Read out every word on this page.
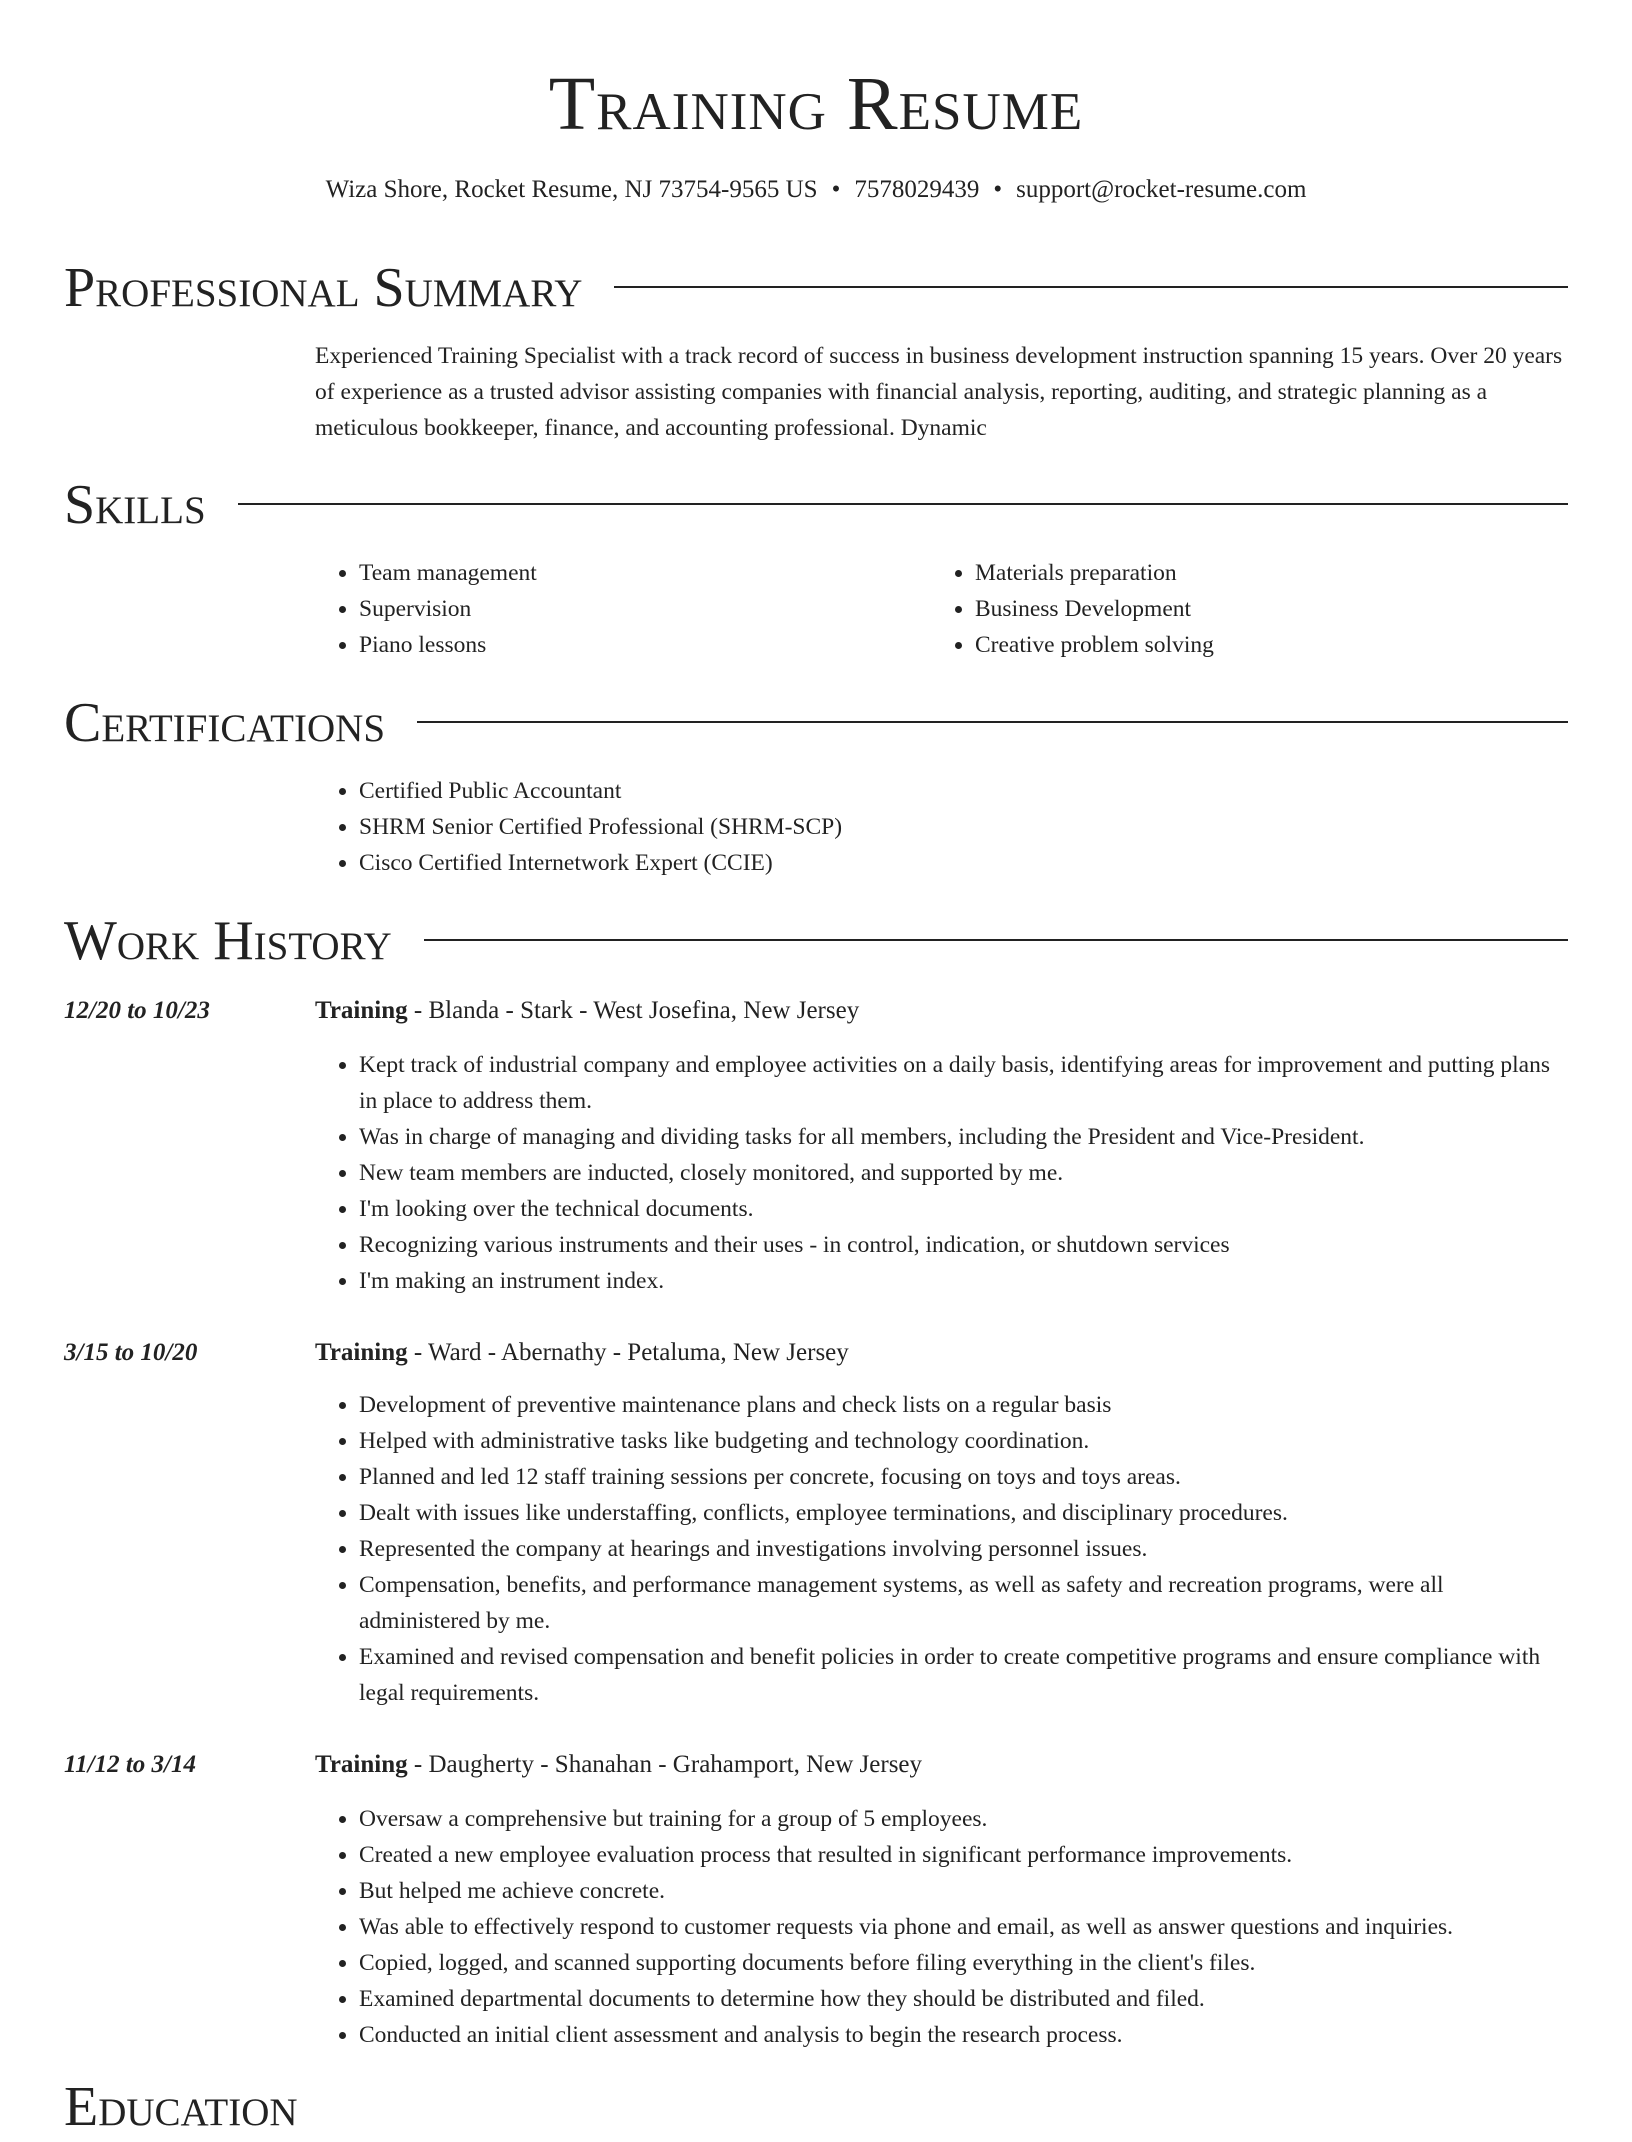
Training Resume
Wiza Shore, Rocket Resume, NJ 73754-9565 US • 7578029439 • support@rocket-resume.com
Professional Summary
Experienced Training Specialist with a track record of success in business development instruction spanning 15 years. Over 20 years of experience as a trusted advisor assisting companies with financial analysis, reporting, auditing, and strategic planning as a meticulous bookkeeper, finance, and accounting professional. Dynamic
Skills
• Team management
• Supervision
• Piano lessons
• Materials preparation
• Business Development
• Creative problem solving
Certifications
• Certified Public Accountant
• SHRM Senior Certified Professional (SHRM-SCP)
• Cisco Certified Internetwork Expert (CCIE)
Work History
12/20 to 10/23	Training - Blanda - Stark - West Josefina, New Jersey
• Kept track of industrial company and employee activities on a daily basis, identifying areas for improvement and putting plans in place to address them.
• Was in charge of managing and dividing tasks for all members, including the President and Vice-President.
• New team members are inducted, closely monitored, and supported by me.
• I'm looking over the technical documents.
• Recognizing various instruments and their uses - in control, indication, or shutdown services
• I'm making an instrument index.
3/15 to 10/20	Training - Ward - Abernathy - Petaluma, New Jersey
• Development of preventive maintenance plans and check lists on a regular basis
• Helped with administrative tasks like budgeting and technology coordination.
• Planned and led 12 staff training sessions per concrete, focusing on toys and toys areas.
• Dealt with issues like understaffing, conflicts, employee terminations, and disciplinary procedures.
• Represented the company at hearings and investigations involving personnel issues.
• Compensation, benefits, and performance management systems, as well as safety and recreation programs, were all administered by me.
• Examined and revised compensation and benefit policies in order to create competitive programs and ensure compliance with legal requirements.
11/12 to 3/14	Training - Daugherty - Shanahan - Grahamport, New Jersey
• Oversaw a comprehensive but training for a group of 5 employees.
• Created a new employee evaluation process that resulted in significant performance improvements.
• But helped me achieve concrete.
• Was able to effectively respond to customer requests via phone and email, as well as answer questions and inquiries.
• Copied, logged, and scanned supporting documents before filing everything in the client's files.
• Examined departmental documents to determine how they should be distributed and filed.
• Conducted an initial client assessment and analysis to begin the research process.
Education
